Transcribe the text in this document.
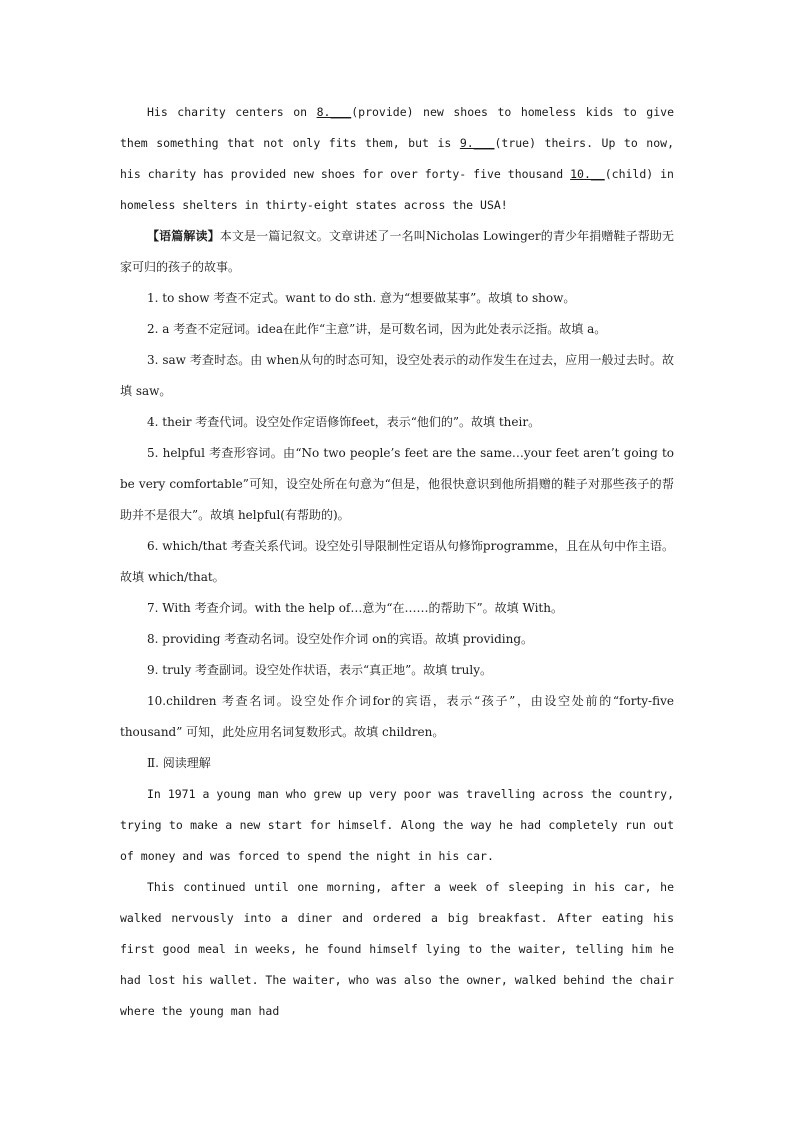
His charity centers on 8.___(provide) new shoes to homeless kids to give them something that not only fits them, but is 9.___(true) theirs. Up to now, his charity has provided new shoes for over forty- five thousand 10.__(child) in homeless shelters in thirty-eight states across the USA!

【语篇解读】本文是一篇记叙文。文章讲述了一名叫Nicholas Lowinger的青少年捐赠鞋子帮助无家可归的孩子的故事。

1. to show 考查不定式。want to do sth. 意为“想要做某事”。故填 to show。

2. a 考查不定冠词。idea在此作“主意”讲，是可数名词，因为此处表示泛指。故填 a。

3. saw 考查时态。由 when从句的时态可知，设空处表示的动作发生在过去，应用一般过去时。故填 saw。

4. their 考查代词。设空处作定语修饰feet，表示“他们的”。故填 their。

5. helpful 考查形容词。由“No two people’s feet are the same…your feet aren’t going to be very comfortable”可知，设空处所在句意为“但是，他很快意识到他所捐赠的鞋子对那些孩子的帮助并不是很大”。故填 helpful(有帮助的)。

6. which/that 考查关系代词。设空处引导限制性定语从句修饰programme，且在从句中作主语。故填 which/that。

7. With 考查介词。with the help of…意为“在……的帮助下”。故填 With。

8. providing 考查动名词。设空处作介词 on的宾语。故填 providing。

9. truly 考查副词。设空处作状语，表示“真正地”。故填 truly。

10.children 考查名词。设空处作介词for的宾语，表示“孩子”，由设空处前的“forty-five thousand” 可知，此处应用名词复数形式。故填 children。

Ⅱ. 阅读理解

In 1971 a young man who grew up very poor was travelling across the country, trying to make a new start for himself. Along the way he had completely run out of money and was forced to spend the night in his car.

This continued until one morning, after a week of sleeping in his car, he walked nervously into a diner and ordered a big breakfast. After eating his first good meal in weeks, he found himself lying to the waiter, telling him he had lost his wallet. The waiter, who was also the owner, walked behind the chair where the young man had
